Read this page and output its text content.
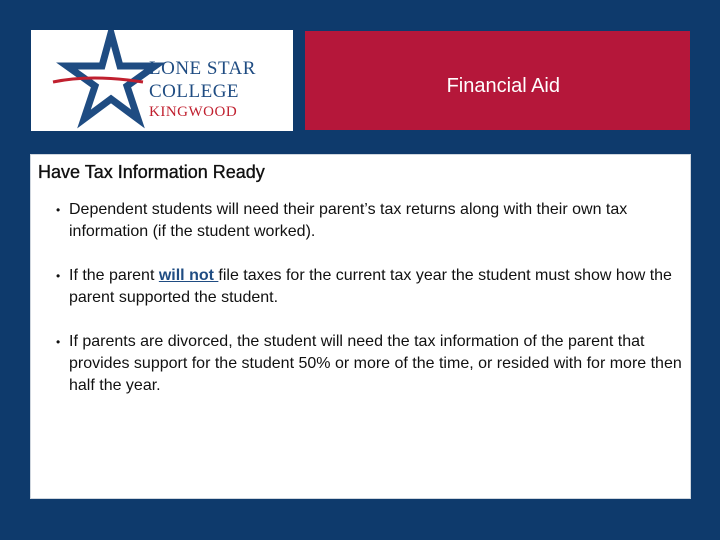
LONE STAR
COLLEGE
KINGWOOD
Financial Aid
Have Tax Information Ready
• Dependent students will need their parent’s tax returns along with their own tax information (if the student worked).
• If the parent will not file taxes for the current tax year the student must show how the parent supported the student.
• If parents are divorced, the student will need the tax information of the parent that provides support for the student 50% or more of the time, or resided with for more then half the year.
